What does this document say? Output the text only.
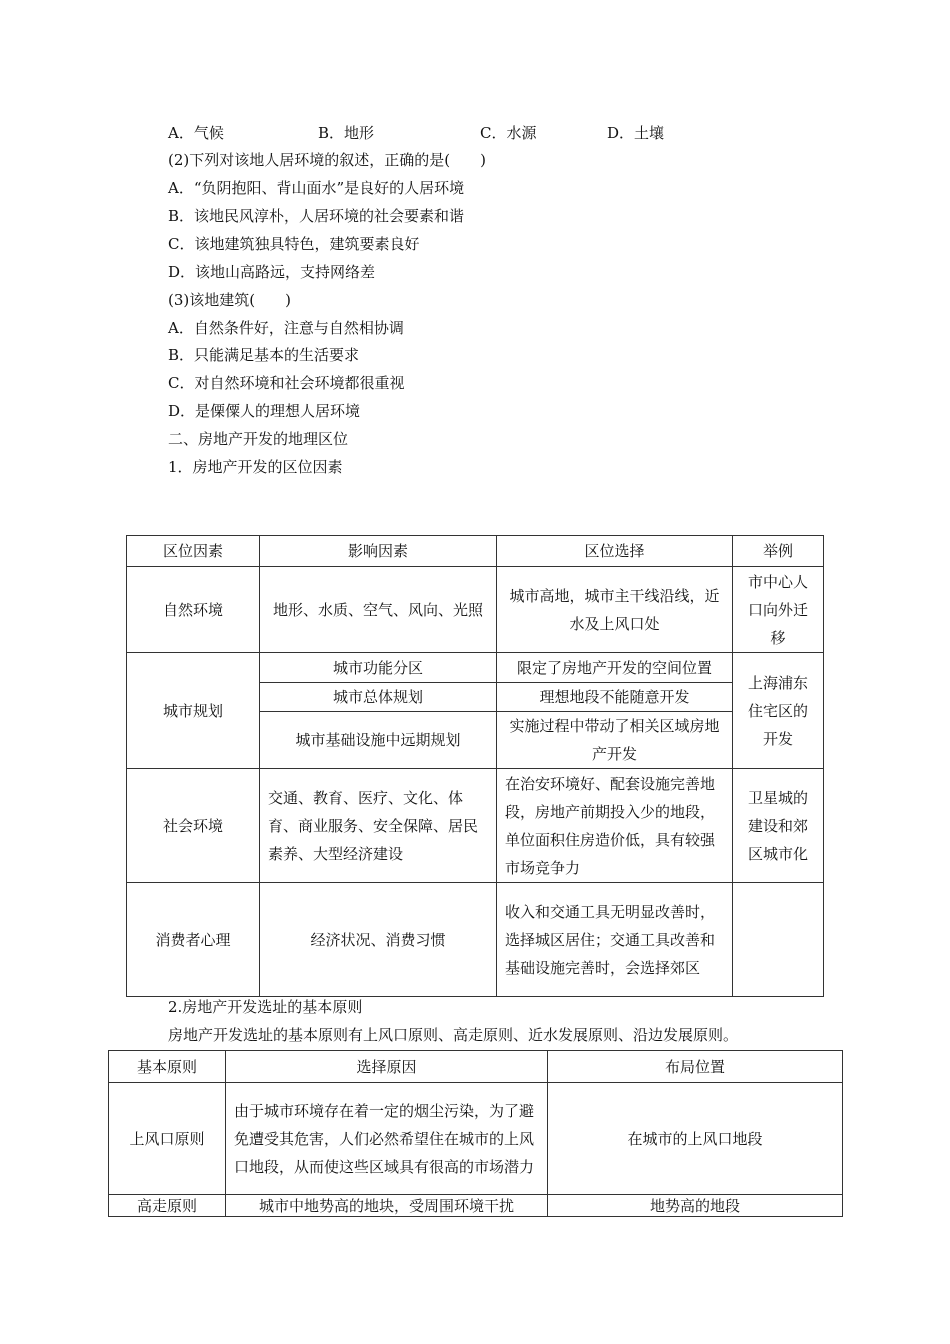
A．气候	B．地形	C．水源	D．土壤
(2)下列对该地人居环境的叙述，正确的是(　　)
A．“负阴抱阳、背山面水”是良好的人居环境
B．该地民风淳朴，人居环境的社会要素和谐
C．该地建筑独具特色，建筑要素良好
D．该地山高路远，支持网络差
(3)该地建筑(　　)
A．自然条件好，注意与自然相协调
B．只能满足基本的生活要求
C．对自然环境和社会环境都很重视
D．是傈僳人的理想人居环境
二、房地产开发的地理区位
1．房地产开发的区位因素
区位因素	影响因素	区位选择	举例
自然环境	地形、水质、空气、风向、光照	城市高地，城市主干线沿线，近水及上风口处	市中心人口向外迁移
城市规划	城市功能分区	限定了房地产开发的空间位置	上海浦东住宅区的开发
	城市总体规划	理想地段不能随意开发	
	城市基础设施中远期规划	实施过程中带动了相关区域房地产开发	
社会环境	交通、教育、医疗、文化、体育、商业服务、安全保障、居民素养、大型经济建设	在治安环境好、配套设施完善地段，房地产前期投入少的地段，单位面积住房造价低，具有较强市场竞争力	卫星城的建设和郊区城市化
消费者心理	经济状况、消费习惯	收入和交通工具无明显改善时，选择城区居住；交通工具改善和基础设施完善时，会选择郊区	
2.房地产开发选址的基本原则
房地产开发选址的基本原则有上风口原则、高走原则、近水发展原则、沿边发展原则。
基本原则	选择原因	布局位置
上风口原则	由于城市环境存在着一定的烟尘污染，为了避免遭受其危害，人们必然希望住在城市的上风口地段，从而使这些区域具有很高的市场潜力	在城市的上风口地段
高走原则	城市中地势高的地块，受周围环境干扰	地势高的地段
